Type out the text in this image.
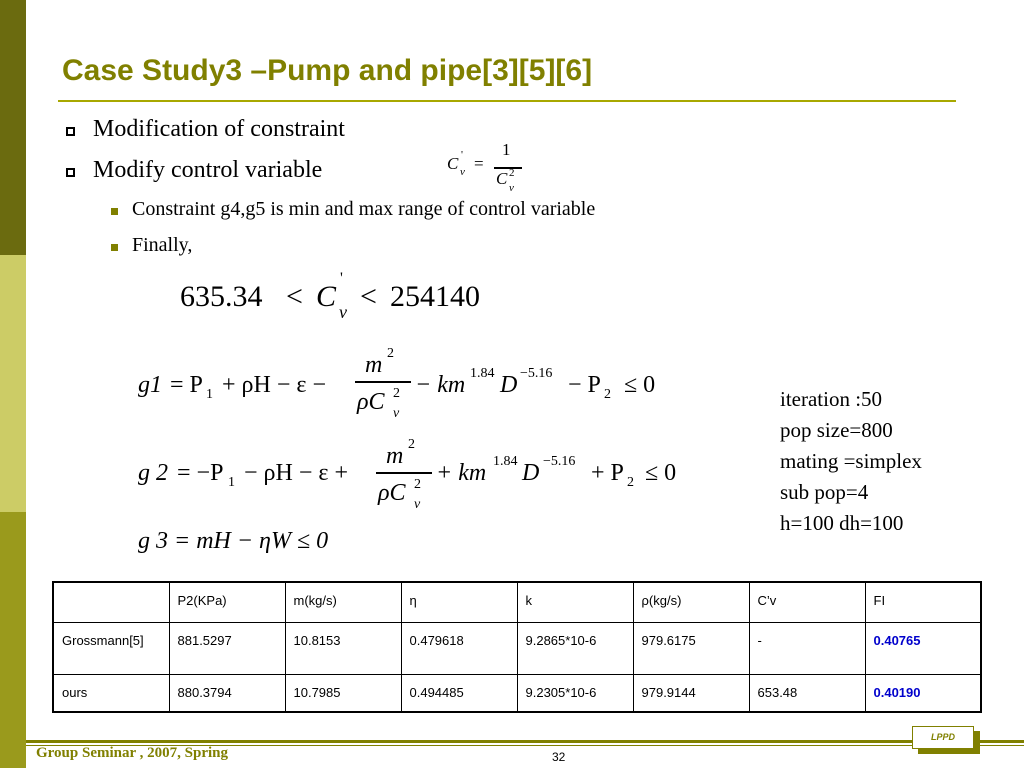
Case Study3 –Pump and pipe[3][5][6]
Modification of constraint
Modify control variable	C v
' =
1
C 2
v
Constraint g4,g5 is min and max range of control variable
Finally,
635.34 < C
'
v < 254140
g1 = P 1 + ρH − ε −
m 2
ρC 2
v
− km 1.84 D −5.16 − P 2 ≤ 0
g 2 = −P 1 − ρH − ε +
m 2
ρC 2
v
+ km 1.84 D −5.16 + P 2 ≤ 0
g 3 = mH − ηW ≤ 0
iteration :50
pop size=800
mating =simplex
sub pop=4
h=100 dh=100
	P2(KPa)	m(kg/s)	η	k	ρ(kg/s)	C’v	FI
Grossmann[5]	881.5297	10.8153	0.479618	9.2865*10-6	979.6175	-	0.40765
ours	880.3794	10.7985	0.494485	9.2305*10-6	979.9144	653.48	0.40190
Group Seminar , 2007, Spring	32
LPPD
